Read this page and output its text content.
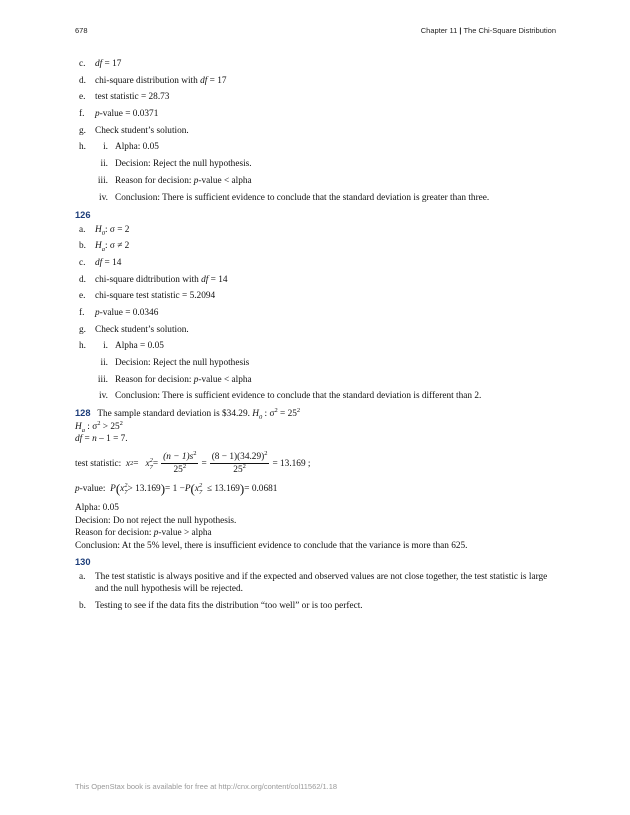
678	Chapter 11 | The Chi-Square Distribution
c. df = 17
d. chi-square distribution with df = 17
e. test statistic = 28.73
f. p-value = 0.0371
g. Check student’s solution.
h.	i. Alpha: 0.05
ii. Decision: Reject the null hypothesis.
iii. Reason for decision: p-value < alpha
iv. Conclusion: There is sufficient evidence to conclude that the standard deviation is greater than three.
126
a. $H_0$: σ = 2
b. $H_a$: σ ≠ 2
c. df = 14
d. chi-square didtribution with df = 14
e. chi-square test statistic = 5.2094
f. p-value = 0.0346
g. Check student’s solution.
h.	i. Alpha = 0.05
ii. Decision: Reject the null hypothesis
iii. Reason for decision: p-value < alpha
iv. Conclusion: There is sufficient evidence to conclude that the standard deviation is different than 2.
128 The sample standard deviation is $34.29. $H_0$ : $\sigma^2 = 25^2$
$H_a$ : $\sigma^2 > 25^2$
df = n – 1 = 7.
test statistic:
x 2 =
x 2
$7 = \frac{(n - 1)s^2}{25^2} = \frac{(8 - 1)(34.29)^2}{25^2} = 13.169$ ;
p -value:
P ( x 2
7 > 13.169 ) = 1 − P ( x 2
7 ≤ 13.169 ) = 0.0681
Alpha: 0.05
Decision: Do not reject the null hypothesis.
Reason for decision: p-value > alpha
Conclusion: At the 5% level, there is insufficient evidence to conclude that the variance is more than 625.
130
a. The test statistic is always positive and if the expected and observed values are not close together, the test statistic is large and the null hypothesis will be rejected.
b. Testing to see if the data fits the distribution “too well” or is too perfect.
This OpenStax book is available for free at http://cnx.org/content/col11562/1.18
